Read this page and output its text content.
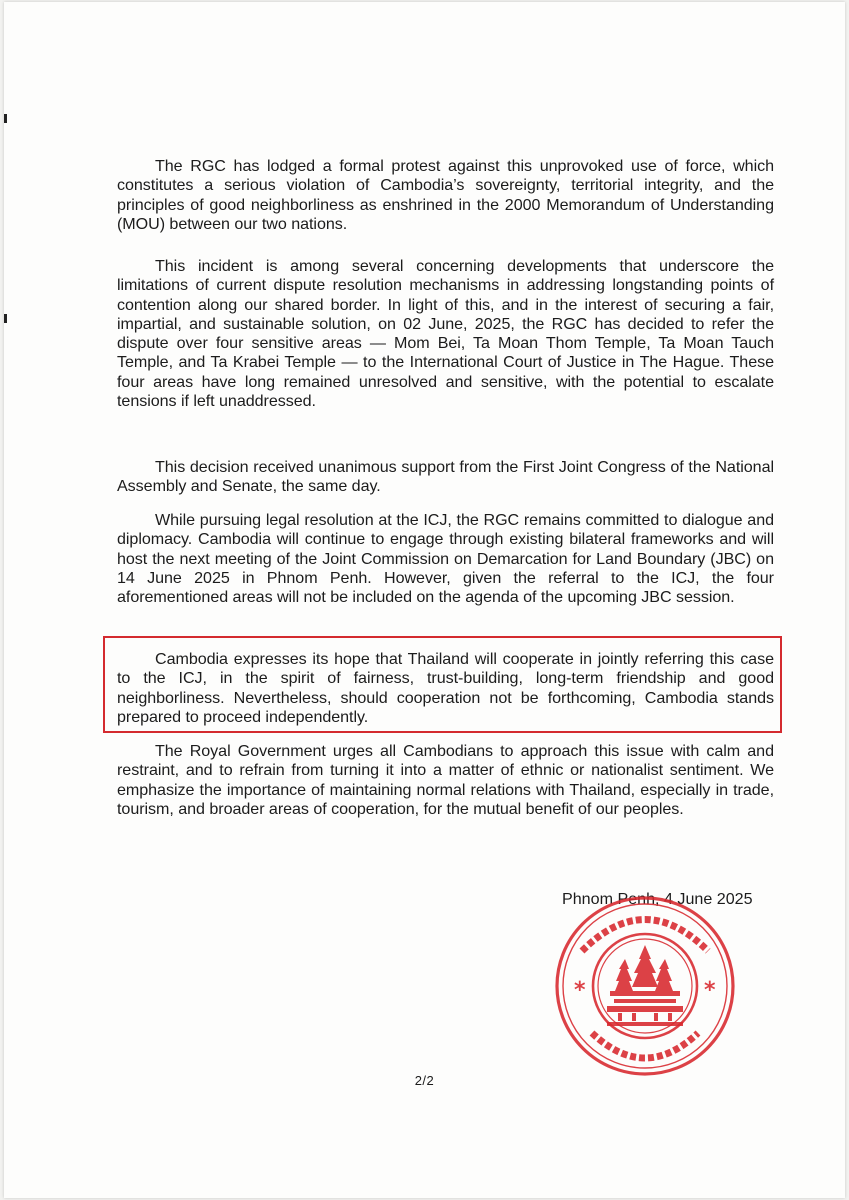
The RGC has lodged a formal protest against this unprovoked use of force, which constitutes a serious violation of Cambodia’s sovereignty, territorial integrity, and the principles of good neighborliness as enshrined in the 2000 Memorandum of Understanding (MOU) between our two nations.

This incident is among several concerning developments that underscore the limitations of current dispute resolution mechanisms in addressing longstanding points of contention along our shared border. In light of this, and in the interest of securing a fair, impartial, and sustainable solution, on 02 June, 2025, the RGC has decided to refer the dispute over four sensitive areas — Mom Bei, Ta Moan Thom Temple, Ta Moan Tauch Temple, and Ta Krabei Temple — to the International Court of Justice in The Hague. These four areas have long remained unresolved and sensitive, with the potential to escalate tensions if left unaddressed.

This decision received unanimous support from the First Joint Congress of the National Assembly and Senate, the same day.

While pursuing legal resolution at the ICJ, the RGC remains committed to dialogue and diplomacy. Cambodia will continue to engage through existing bilateral frameworks and will host the next meeting of the Joint Commission on Demarcation for Land Boundary (JBC) on 14 June 2025 in Phnom Penh. However, given the referral to the ICJ, the four aforementioned areas will not be included on the agenda of the upcoming JBC session.

Cambodia expresses its hope that Thailand will cooperate in jointly referring this case to the ICJ, in the spirit of fairness, trust-building, long-term friendship and good neighborliness. Nevertheless, should cooperation not be forthcoming, Cambodia stands prepared to proceed independently.

The Royal Government urges all Cambodians to approach this issue with calm and restraint, and to refrain from turning it into a matter of ethnic or nationalist sentiment. We emphasize the importance of maintaining normal relations with Thailand, especially in trade, tourism, and broader areas of cooperation, for the mutual benefit of our peoples.

Phnom Penh, 4 June 2025

*	*

2/2
